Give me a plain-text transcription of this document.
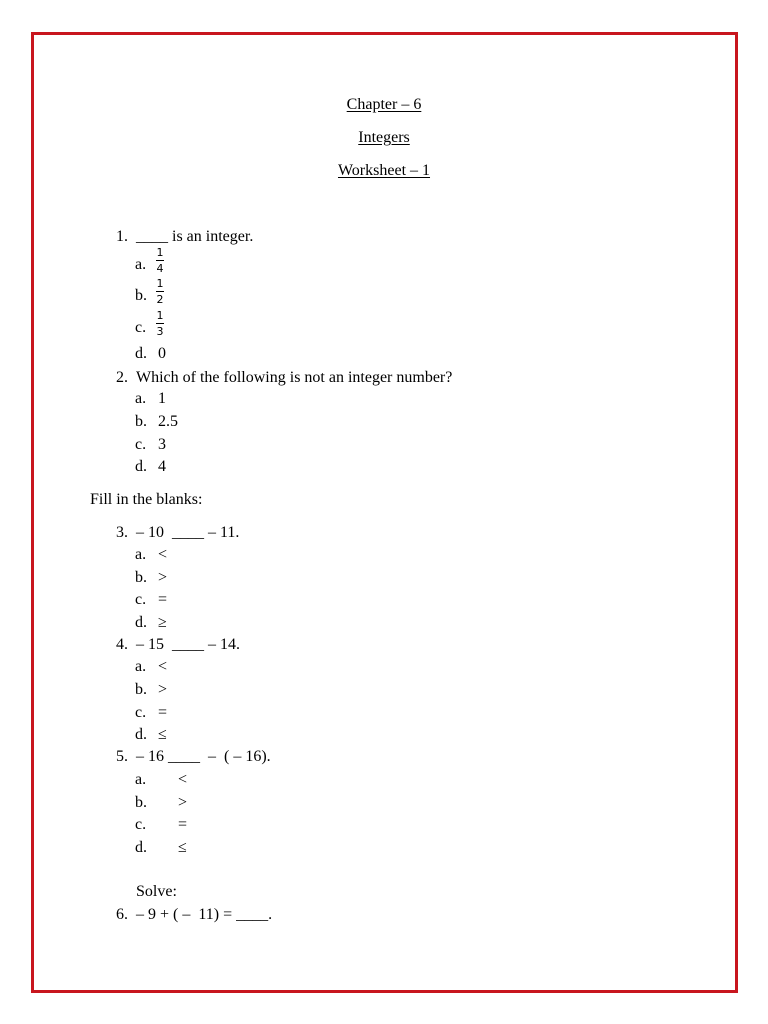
Chapter – 6
Integers
Worksheet – 1
1. ____ is an integer.
a.
1
4
b.
1
2
c.
1
3
d. 0
2. Which of the following is not an integer number?
a. 1
b. 2.5
c. 3
d. 4
Fill in the blanks:
3. – 10  ____ – 11.
a. <
b. >
c. =
d. ≥
4. – 15  ____ – 14.
a. <
b. >
c. =
d. ≤
5. – 16 ____  –  ( – 16).
a. <
b. >
c. =
d. ≤
Solve:
6. – 9 + ( –  11) = ____.
